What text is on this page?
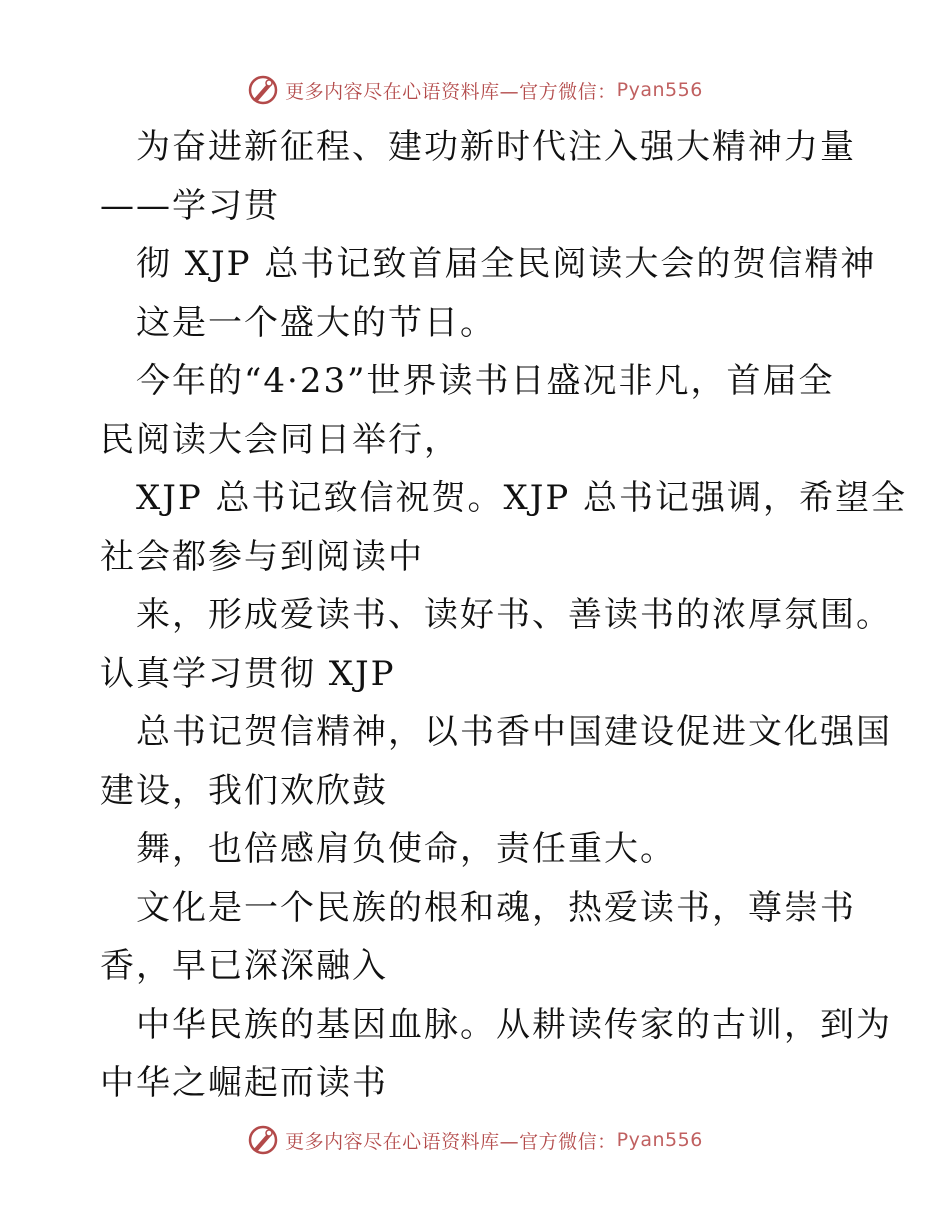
更多内容尽在心语资料库—官方微信： Pyan556
为奋进新征程、建功新时代注入强大精神力量
——学习贯
彻 XJP 总书记致首届全民阅读大会的贺信精神
这是一个盛大的节日。
今年的“4·23”世界读书日盛况非凡，首届全
民阅读大会同日举行，
XJP 总书记致信祝贺。XJP 总书记强调，希望全
社会都参与到阅读中
来，形成爱读书、读好书、善读书的浓厚氛围。
认真学习贯彻 XJP
总书记贺信精神，以书香中国建设促进文化强国
建设，我们欢欣鼓
舞，也倍感肩负使命，责任重大。
文化是一个民族的根和魂，热爱读书，尊崇书
香，早已深深融入
中华民族的基因血脉。从耕读传家的古训，到为
中华之崛起而读书
更多内容尽在心语资料库—官方微信： Pyan556
